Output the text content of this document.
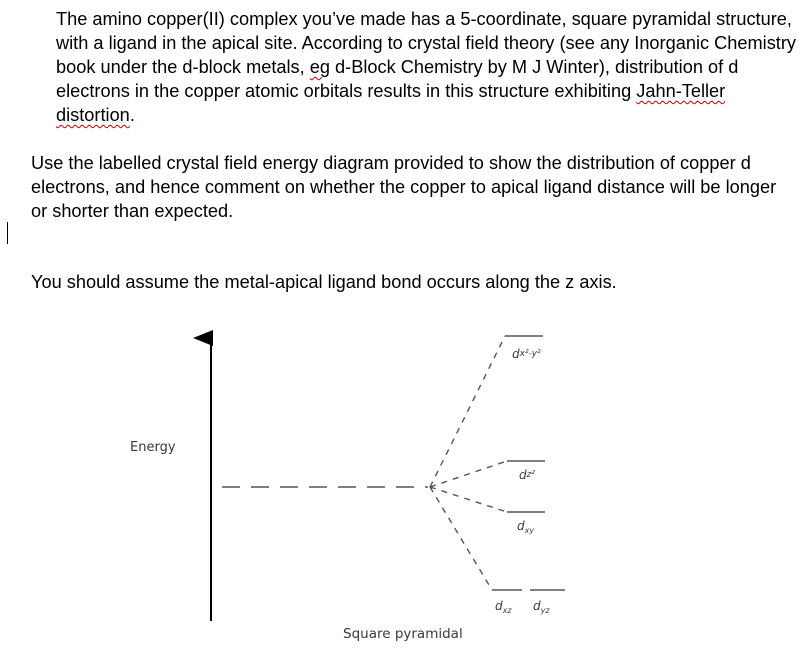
The amino copper(II) complex you’ve made has a 5-coordinate, square pyramidal structure, with a ligand in the apical site. According to crystal field theory (see any Inorganic Chemistry book under the d-block metals, eg d-Block Chemistry by M J Winter), distribution of d electrons in the copper atomic orbitals results in this structure exhibiting Jahn-Teller distortion.

Use the labelled crystal field energy diagram provided to show the distribution of copper d electrons, and hence comment on whether the copper to apical ligand distance will be longer or shorter than expected.

You should assume the metal-apical ligand bond occurs along the z axis.

Energy
dx²-y²
dz²
$d_{xy}$
$d_{xz}$ $d_{yz}$
Square pyramidal
